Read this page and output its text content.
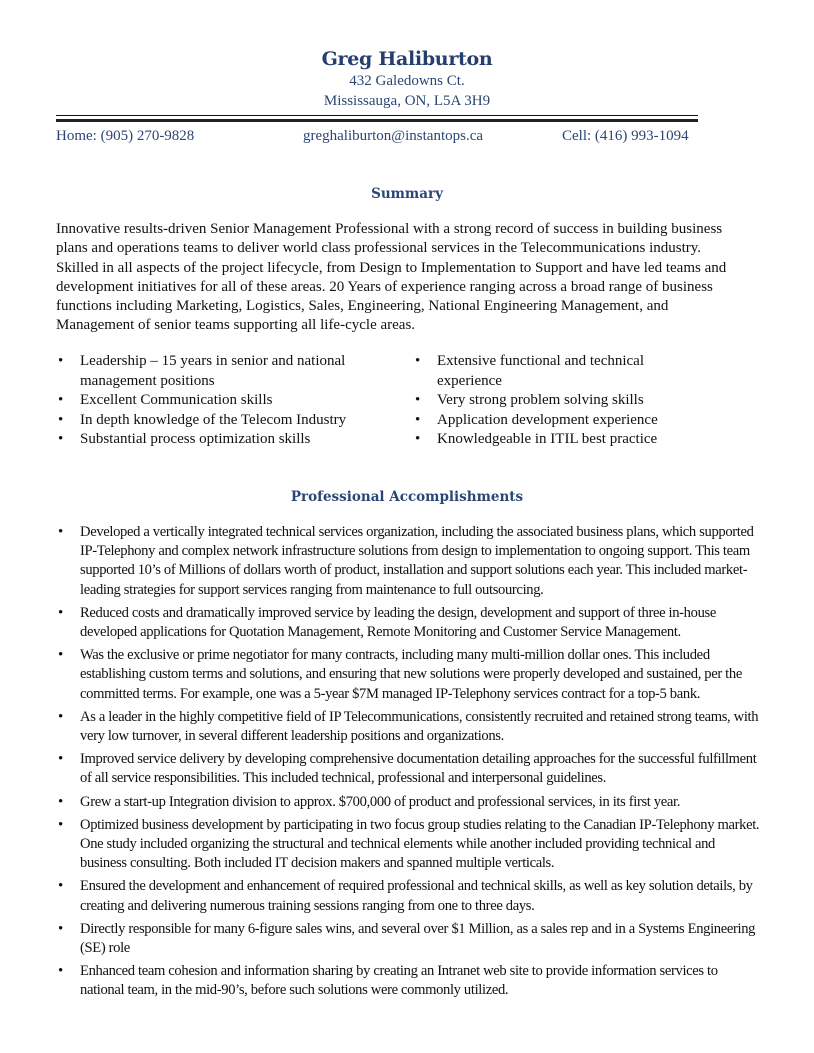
Greg Haliburton
432 Galedowns Ct.
Mississauga, ON, L5A 3H9
Home: (905) 270-9828	greghaliburton@instantops.ca	Cell: (416) 993-1094
Summary
Innovative results-driven Senior Management Professional with a strong record of success in building business plans and operations teams to deliver world class professional services in the Telecommunications industry. Skilled in all aspects of the project lifecycle, from Design to Implementation to Support and have led teams and development initiatives for all of these areas. 20 Years of experience ranging across a broad range of business functions including Marketing, Logistics, Sales, Engineering, National Engineering Management, and Management of senior teams supporting all life-cycle areas.
• Leadership – 15 years in senior and national management positions
• Excellent Communication skills
• In depth knowledge of the Telecom Industry
• Substantial process optimization skills
• Extensive functional and technical experience
• Very strong problem solving skills
• Application development experience
• Knowledgeable in ITIL best practice
Professional Accomplishments
• Developed a vertically integrated technical services organization, including the associated business plans, which supported IP-Telephony and complex network infrastructure solutions from design to implementation to ongoing support. This team supported 10’s of Millions of dollars worth of product, installation and support solutions each year. This included market-leading strategies for support services ranging from maintenance to full outsourcing.
• Reduced costs and dramatically improved service by leading the design, development and support of three in-house developed applications for Quotation Management, Remote Monitoring and Customer Service Management.
• Was the exclusive or prime negotiator for many contracts, including many multi-million dollar ones. This included establishing custom terms and solutions, and ensuring that new solutions were properly developed and sustained, per the committed terms. For example, one was a 5-year $7M managed IP-Telephony services contract for a top-5 bank.
• As a leader in the highly competitive field of IP Telecommunications, consistently recruited and retained strong teams, with very low turnover, in several different leadership positions and organizations.
• Improved service delivery by developing comprehensive documentation detailing approaches for the successful fulfillment of all service responsibilities. This included technical, professional and interpersonal guidelines.
• Grew a start-up Integration division to approx. $700,000 of product and professional services, in its first year.
• Optimized business development by participating in two focus group studies relating to the Canadian IP-Telephony market. One study included organizing the structural and technical elements while another included providing technical and business consulting. Both included IT decision makers and spanned multiple verticals.
• Ensured the development and enhancement of required professional and technical skills, as well as key solution details, by creating and delivering numerous training sessions ranging from one to three days.
• Directly responsible for many 6-figure sales wins, and several over $1 Million, as a sales rep and in a Systems Engineering (SE) role
• Enhanced team cohesion and information sharing by creating an Intranet web site to provide information services to national team, in the mid-90’s, before such solutions were commonly utilized.
